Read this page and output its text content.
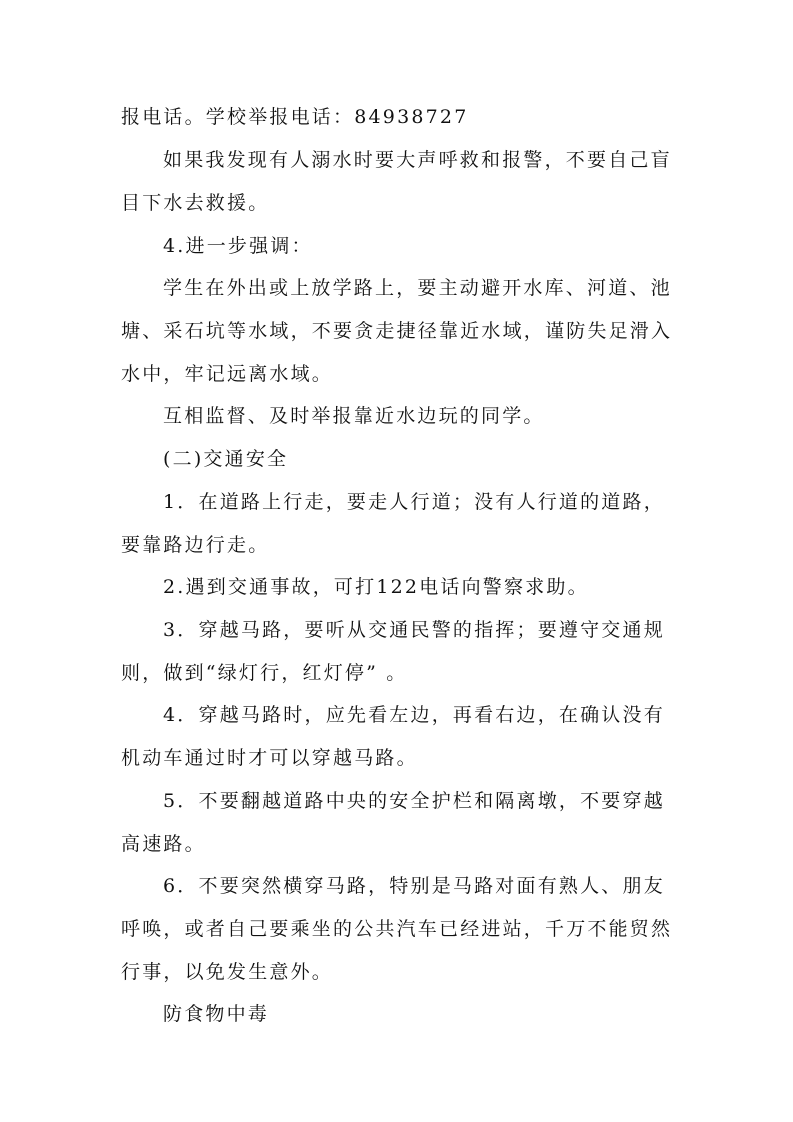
报电话。学校举报电话：84938727
如果我发现有人溺水时要大声呼救和报警，不要自己盲
目下水去救援。
4.进一步强调：
学生在外出或上放学路上，要主动避开水库、河道、池
塘、采石坑等水域，不要贪走捷径靠近水域，谨防失足滑入
水中，牢记远离水域。
互相监督、及时举报靠近水边玩的同学。
(二)交通安全
1．在道路上行走，要走人行道；没有人行道的道路，
要靠路边行走。
2.遇到交通事故，可打122电话向警察求助。
3．穿越马路，要听从交通民警的指挥；要遵守交通规
则，做到“绿灯行，红灯停” 。
4．穿越马路时，应先看左边，再看右边，在确认没有
机动车通过时才可以穿越马路。
5．不要翻越道路中央的安全护栏和隔离墩，不要穿越
高速路。
6．不要突然横穿马路，特别是马路对面有熟人、朋友
呼唤，或者自己要乘坐的公共汽车已经进站，千万不能贸然
行事，以免发生意外。
防食物中毒
